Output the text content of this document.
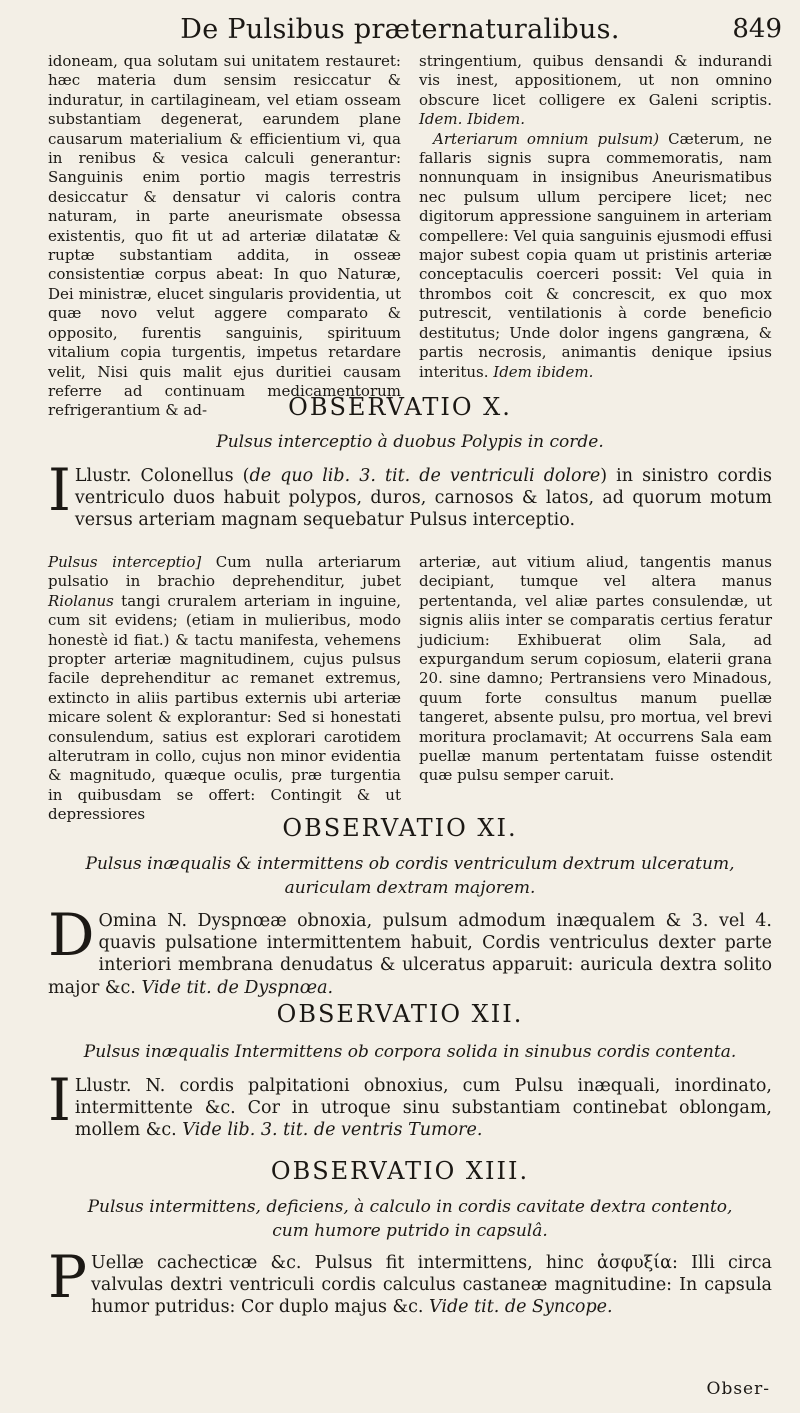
De Pulsibus præternaturalibus.	849

idoneam, qua solutam sui unitatem restauret: hæc materia dum sensim resiccatur & induratur, in cartilagineam, vel etiam osseam substantiam degenerat, earundem plane causarum materialium & efficientium vi, qua in renibus & vesica calculi generantur: Sanguinis enim portio magis terrestris desiccatur & densatur vi caloris contra naturam, in parte aneurismate obsessa existentis, quo fit ut ad arteriæ dilatatæ & ruptæ substantiam addita, in osseæ consistentiæ corpus abeat: In quo Naturæ, Dei ministræ, elucet singularis providentia, ut quæ novo velut aggere comparato & opposito, furentis sanguinis, spirituum vitalium copia turgentis, impetus retardare velit, Nisi quis malit ejus duritiei causam referre ad continuam medicamentorum refrigerantium & ad-

stringentium, quibus densandi & indurandi vis inest, appositionem, ut non omnino obscure licet colligere ex Galeni scriptis. Idem. Ibidem.

Arteriarum omnium pulsum) Cæterum, ne fallaris signis supra commemoratis, nam nonnunquam in insignibus Aneurismatibus nec pulsum ullum percipere licet; nec digitorum appressione sanguinem in arteriam compellere: Vel quia sanguinis ejusmodi effusi major subest copia quam ut pristinis arteriæ conceptaculis coerceri possit: Vel quia in thrombos coit & concrescit, ex quo mox putrescit, ventilationis à corde beneficio destitutus; Unde dolor ingens gangræna, & partis necrosis, animantis denique ipsius interitus. Idem ibidem.

OBSERVATIO X.
Pulsus interceptio à duobus Polypis in corde.
I Llustr. Colonellus (de quo lib. 3. tit. de ventriculi dolore) in sinistro cordis ventriculo duos habuit polypos, duros, carnosos & latos, ad quorum motum versus arteriam magnam sequebatur Pulsus interceptio.

Pulsus interceptio] Cum nulla arteriarum pulsatio in brachio deprehenditur, jubet Riolanus tangi cruralem arteriam in inguine, cum sit evidens; (etiam in mulieribus, modo honestè id fiat.) & tactu manifesta, vehemens propter arteriæ magnitudinem, cujus pulsus facile deprehenditur ac remanet extremus, extincto in aliis partibus externis ubi arteriæ micare solent & explorantur: Sed si honestati consulendum, satius est explorari carotidem alterutram in collo, cujus non minor evidentia & magnitudo, quæque oculis, præ turgentia in quibusdam se offert: Contingit & ut depressiores

arteriæ, aut vitium aliud, tangentis manus decipiant, tumque vel altera manus pertentanda, vel aliæ partes consulendæ, ut signis aliis inter se comparatis certius feratur judicium: Exhibuerat olim Sala, ad expurgandum serum copiosum, elaterii grana 20. sine damno; Pertransiens vero Minadous, quum forte consultus manum puellæ tangeret, absente pulsu, pro mortua, vel brevi moritura proclamavit; At occurrens Sala eam puellæ manum pertentatam fuisse ostendit quæ pulsu semper caruit.

OBSERVATIO XI.
Pulsus inæqualis & intermittens ob cordis ventriculum dextrum ulceratum, auriculam dextram majorem.
D Omina N. Dyspnœæ obnoxia, pulsum admodum inæqualem & 3. vel 4. quavis pulsatione intermittentem habuit, Cordis ventriculus dexter parte interiori membrana denudatus & ulceratus apparuit: auricula dextra solito major &c. Vide tit. de Dyspnœa.
OBSERVATIO XII.
Pulsus inæqualis Intermittens ob corpora solida in sinubus cordis contenta.
I Llustr. N. cordis palpitationi obnoxius, cum Pulsu inæquali, inordinato, intermittente &c. Cor in utroque sinu substantiam continebat oblongam, mollem &c. Vide lib. 3. tit. de ventris Tumore.
OBSERVATIO XIII.
Pulsus intermittens, deficiens, à calculo in cordis cavitate dextra contento, cum humore putrido in capsulâ.
P Uellæ cachecticæ &c. Pulsus fit intermittens, hinc ἀσφυξία: Illi circa valvulas dextri ventriculi cordis calculus castaneæ magnitudine: In capsula humor putridus: Cor duplo majus &c. Vide tit. de Syncope.
Obser-
